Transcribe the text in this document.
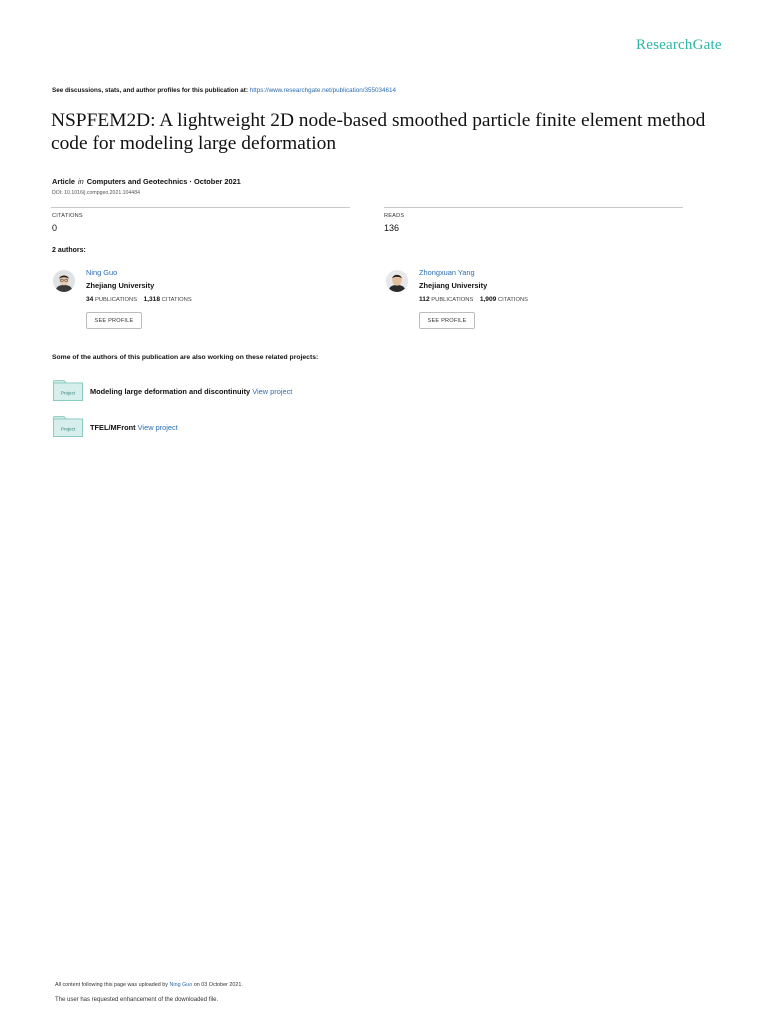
ResearchGate
See discussions, stats, and author profiles for this publication at: https://www.researchgate.net/publication/355034614
NSPFEM2D: A lightweight 2D node-based smoothed particle finite element method code for modeling large deformation
Article in Computers and Geotechnics · October 2021
DOI: 10.1016/j.compgeo.2021.104484
CITATIONS
0
READS
136
2 authors:
Ning Guo
Zhejiang University
34 PUBLICATIONS 1,318 CITATIONS
SEE PROFILE
Zhongxuan Yang
Zhejiang University
112 PUBLICATIONS 1,909 CITATIONS
SEE PROFILE
Some of the authors of this publication are also working on these related projects:
Project Modeling large deformation and discontinuity View project
Project TFEL/MFront View project
All content following this page was uploaded by Ning Guo on 03 October 2021.
The user has requested enhancement of the downloaded file.
